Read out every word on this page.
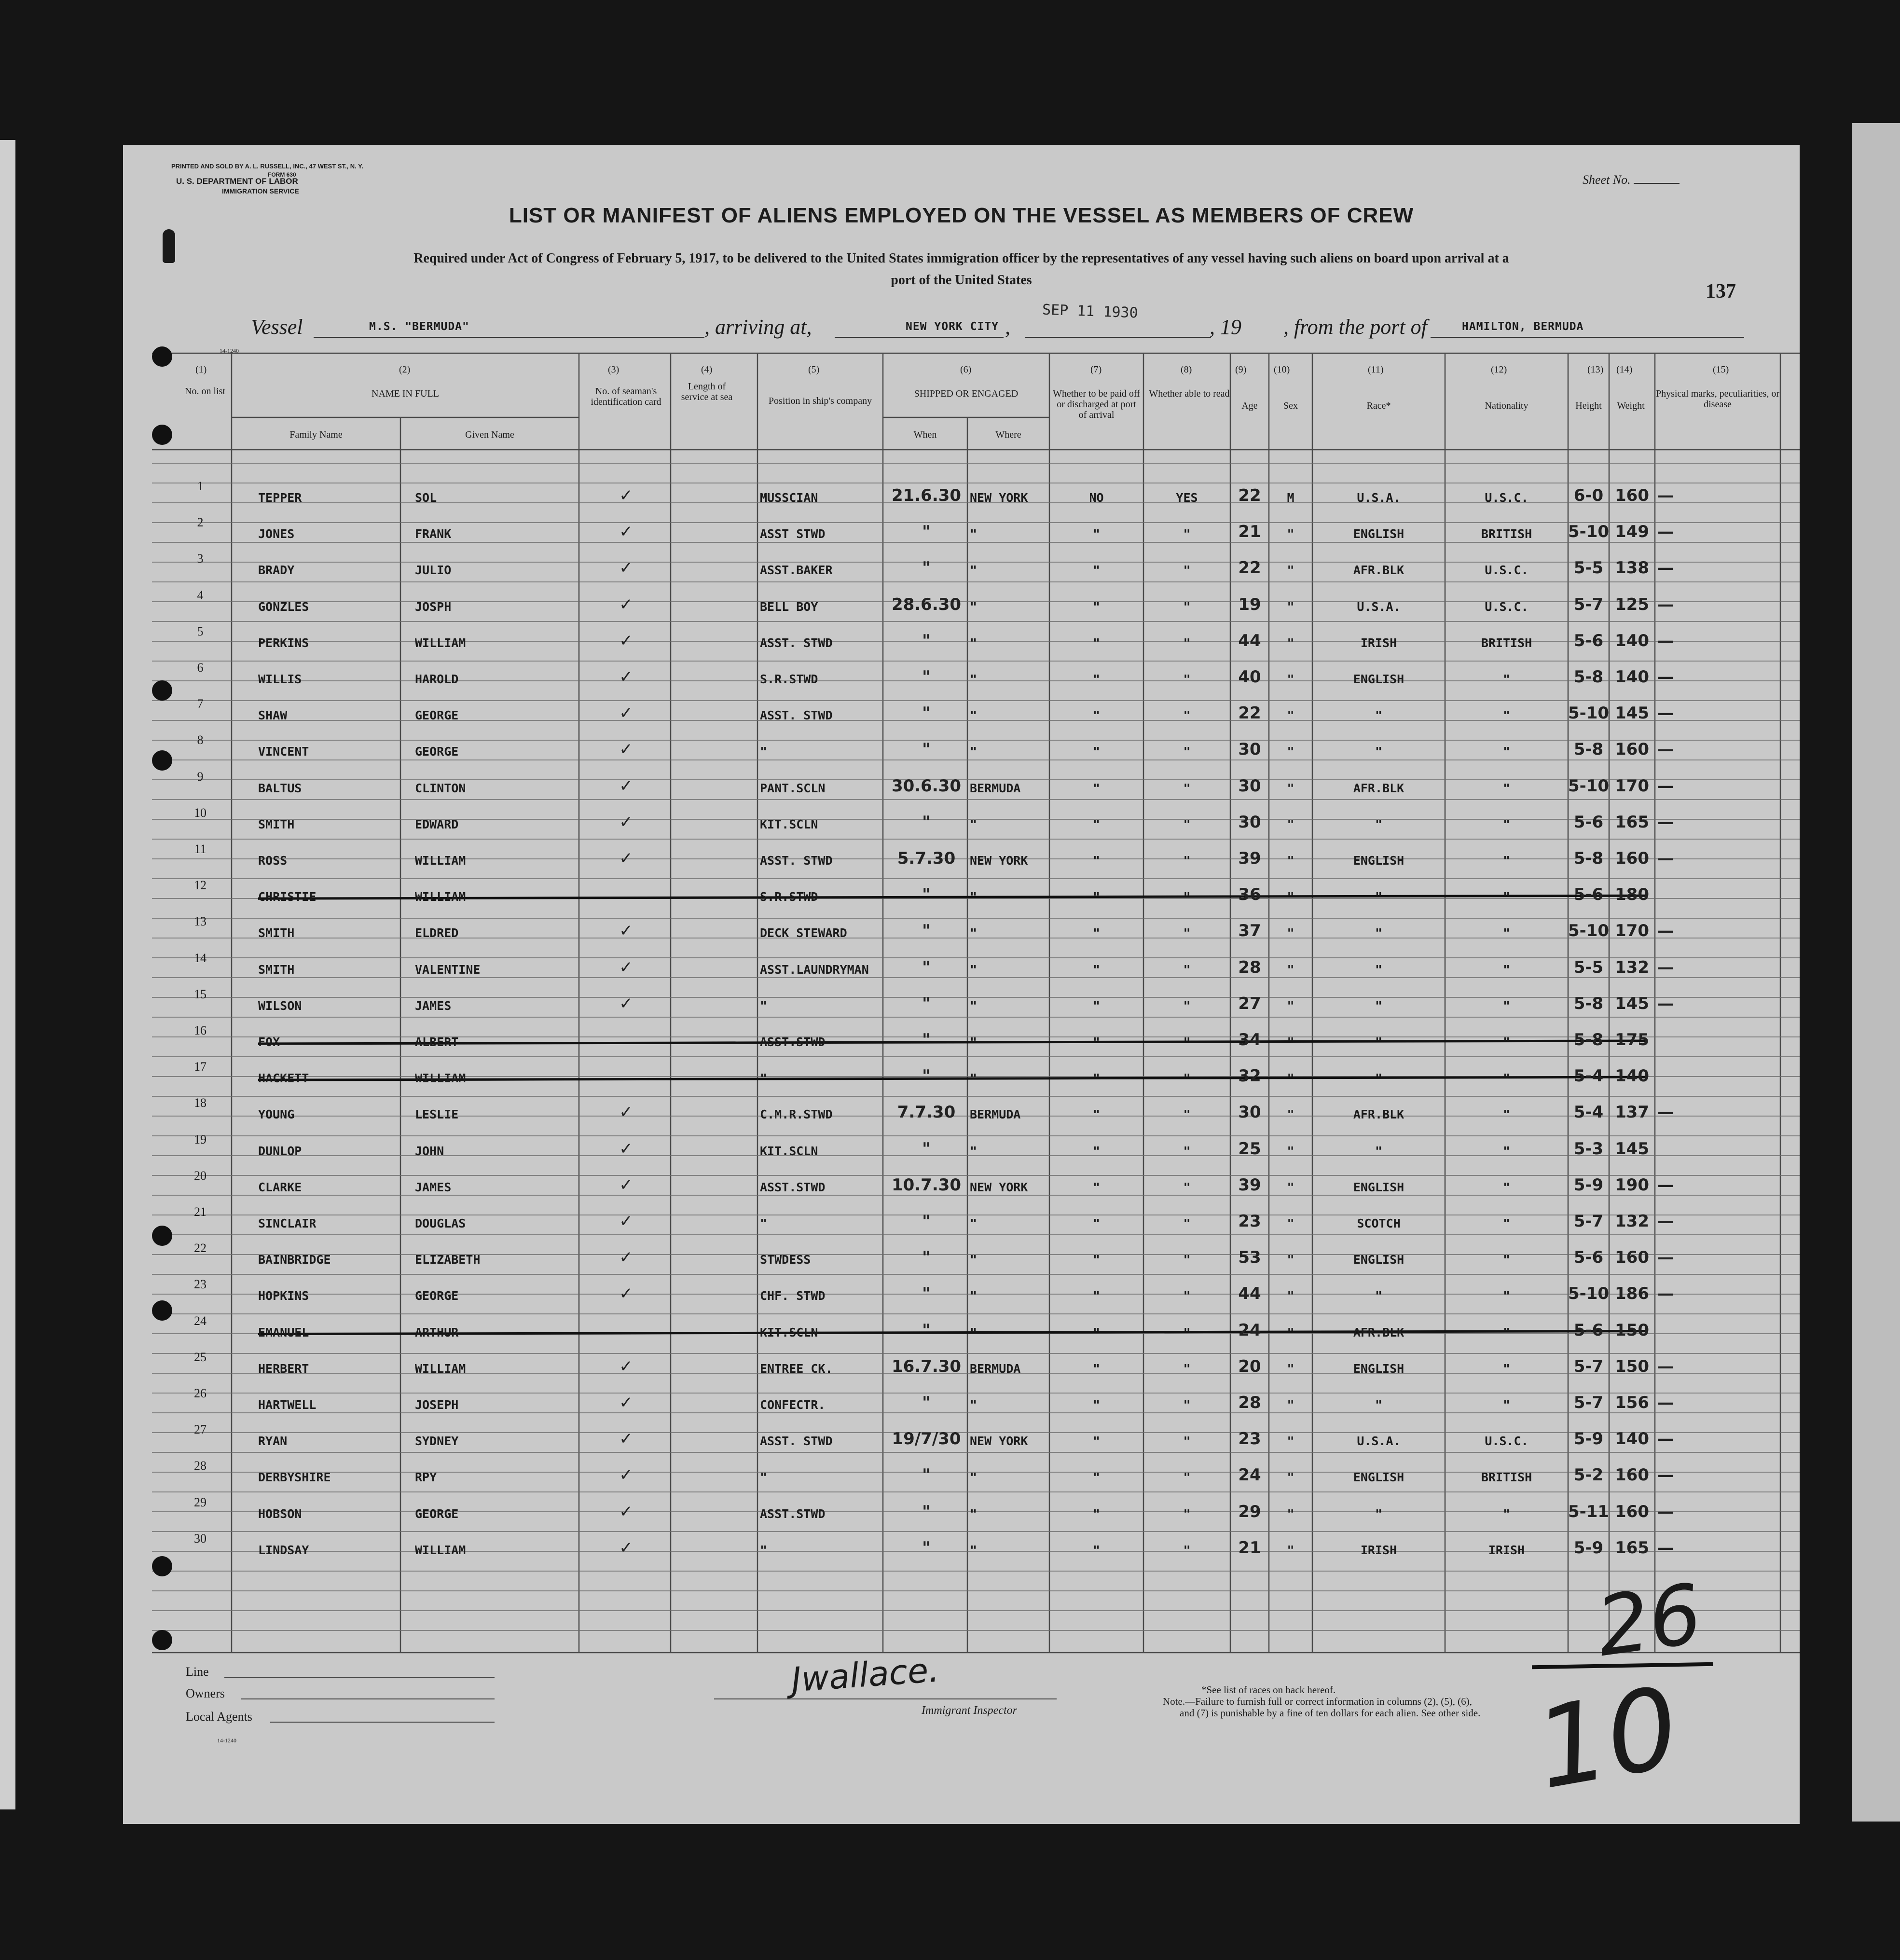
PRINTED AND SOLD BY A. L. RUSSELL, INC., 47 WEST ST., N. Y.
FORM 630
U. S. DEPARTMENT OF LABOR
IMMIGRATION SERVICE
Sheet No.
LIST OR MANIFEST OF ALIENS EMPLOYED ON THE VESSEL AS MEMBERS OF CREW
Required under Act of Congress of February 5, 1917, to be delivered to the United States immigration officer by the representatives of any vessel having such aliens on board upon arrival at a
port of the United States
137
Vessel	M.S. "BERMUDA"	, arriving at,	NEW YORK CITY ,
SEP 11 1930
, 19 , from the port of	HAMILTON, BERMUDA
14-1240
(1)
No. on list
(2)
NAME IN FULL
Family Name	Given Name
(3)
No. of seaman's identification card
(4)
Length of service at sea
(5)
Position in ship's company
(6)
SHIPPED OR ENGAGED
When	Where
(7)
Whether to be paid off or discharged at port of arrival
(8)
Whether able to read
(9)
Age
(10)
Sex
(11)
Race*
(12)
Nationality
(13)
Height
(14)
Weight
(15)
Physical marks, peculiarities, or disease
1
TEPPER	SOL	✓	MUSSCIAN	21.6.30 NEW YORK	NO	YES	22	M	U.S.A.	U.S.C.	6-0 160 —
2
JONES	FRANK	✓	ASST STWD	"	"	"	"	21	"	ENGLISH	BRITISH	5-10 149 —
3
BRADY	JULIO	✓	ASST.BAKER	"	"	"	"	22	"	AFR.BLK	U.S.C.	5-5 138 —
4
GONZLES	JOSPH	✓	BELL BOY	28.6.30 "	"	"	19	"	U.S.A.	U.S.C.	5-7 125 —
5
PERKINS	WILLIAM	✓	ASST. STWD	"	"	"	"	44	"	IRISH	BRITISH	5-6 140 —
6
WILLIS	HAROLD	✓	S.R.STWD	"	"	"	"	40	"	ENGLISH	"	5-8 140 —
7
SHAW	GEORGE	✓	ASST. STWD	"	"	"	"	22	"	"	"	5-10 145 —
8
VINCENT	GEORGE	✓	"	"	"	"	"	30	"	"	"	5-8 160 —
9
BALTUS	CLINTON	✓	PANT.SCLN	30.6.30 BERMUDA	"	"	30	"	AFR.BLK	"	5-10 170 —
10
SMITH	EDWARD	✓	KIT.SCLN	"	"	"	"	30	"	"	"	5-6 165 —
11
ROSS	WILLIAM	✓	ASST. STWD	5.7.30	NEW YORK	"	"	39	"	ENGLISH	"	5-8 160 —
12
CHRISTIE	WILLIAM	S.R.STWD	"	"	"	"	36	"	"	"	5-6 180
13
SMITH	ELDRED	✓	DECK STEWARD	"	"	"	"	37	"	"	"	5-10 170 —
14
SMITH	VALENTINE	✓	ASST.LAUNDRYMAN	"	"	"	"	28	"	"	"	5-5 132 —
15
WILSON	JAMES	✓	"	"	"	"	"	27	"	"	"	5-8 145 —
16
FOX	ALBERT	ASST.STWD	"	"	"	"	34	"	"	"	5-8 175
17
HACKETT	WILLIAM	"	"	"	"	"	32	"	"	"	5-4 140
18
YOUNG	LESLIE	✓	C.M.R.STWD	7.7.30	BERMUDA	"	"	30	"	AFR.BLK	"	5-4 137 —
19
DUNLOP	JOHN	✓	KIT.SCLN	"	"	"	"	25	"	"	"	5-3 145
20
CLARKE	JAMES	✓	ASST.STWD	10.7.30 NEW YORK	"	"	39	"	ENGLISH	"	5-9 190 —
21
SINCLAIR	DOUGLAS	✓	"	"	"	"	"	23	"	SCOTCH	"	5-7 132 —
22
BAINBRIDGE	ELIZABETH	✓	STWDESS	"	"	"	"	53	"	ENGLISH	"	5-6 160 —
23
HOPKINS	GEORGE	✓	CHF. STWD	"	"	"	"	44	"	"	"	5-10 186 —
24
EMANUEL	ARTHUR	KIT.SCLN	"	"	"	"	24	"	AFR.BLK	"	5-6 150
25
HERBERT	WILLIAM	✓	ENTREE CK.	16.7.30 BERMUDA	"	"	20	"	ENGLISH	"	5-7 150 —
26
HARTWELL	JOSEPH	✓	CONFECTR.	"	"	"	"	28	"	"	"	5-7 156 —
27
RYAN	SYDNEY	✓	ASST. STWD	19/7/30 NEW YORK	"	"	23	"	U.S.A.	U.S.C.	5-9 140 —
28
DERBYSHIRE	RPY	✓	"	"	"	"	"	24	"	ENGLISH	BRITISH	5-2 160 —
29
HOBSON	GEORGE	✓	ASST.STWD	"	"	"	"	29	"	"	"	5-11 160 —
30
LINDSAY	WILLIAM	✓	"	"	"	"	"	21	"	IRISH	IRISH	5-9 165 —
Line
Owners
Local Agents
14-1240
Jwallace.
Immigrant Inspector
*See list of races on back hereof.
Note.—Failure to furnish full or correct information in columns (2), (5), (6),
and (7) is punishable by a fine of ten dollars for each alien. See other side.
26
10
